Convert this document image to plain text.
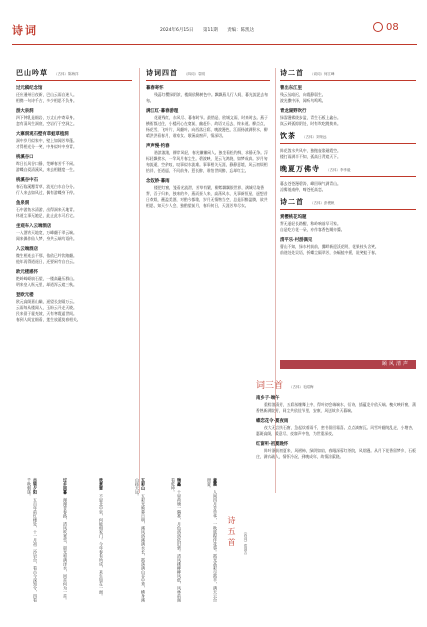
诗词	2024年6月15日 第11期 责编：陈凯达	08
巴山吟草 （古体）陈海洋
过元稹纪念馆
还应通州日夜新，巴山云雨自迷人。
相携一句诗千古，多少相思不负身。
游大泉洞
四下钟乳是细岩，万丈山中寄章身。
忽有清风生洞底，空岩行于空洞之。
大寨洞观石壁有草蛙草植洞
洞中岁月似家中，壁上如闻芳草蓬。
才得相光分一笑，中身似叶中身青。
桃溪谷口
昨日长风谷口静，芜蝉春芳千不闲。
游蝶自爱清溪风，来去相随度一生。
桃溪谷中石
春石临溪覆青草，流光白水自分分。
行人来去如风过，偶有游蝶身下停。
鱼泉洞
石中游鱼水清游，出得洞来天地青。
休道尘事无她足，此止此水可后宅。
坐观车入云端酒店
一入酒宵天地宽，万峰翻于翠云端。
闻来偶作仙人梦，身共云端鸟语传。
入云端酒店
微生相连去不那，依依已吟饮踏翻。
他年再得道遥日，还要闲寺自白云。
欧元楼感怀
绝岭崎岖崩石望，一楼高矗压群山。
明来皇入纵元里，却道浑云遮三秋。
登欧元楼
欧元高阁嘉山巅，遥望长安隔万云。
云雨每从楼闻入，玉盼云开走天晓。
民来留于霍充坡，天有寒霞逼世间。
春到人间宜细看，莲生放诞莫春相关。
诗词四首 （四词）袁明
暮春寄怀
残蕊红樱绿阴浓，楼阁依稀树色中。飘飘燕儿行人间，暮光流泥去匆匆。
满江红·暮春游理
花逝残红，东风尽、暮春时节。最惜是、欧城文雨，时来时去。燕子横衔都过住，小楼河心在寞前，幽赶仆、故语又远去，终未道。柳点点，杨花雪，飞叶片，风翻叶。向西落日彩，晚波漫色，江面扬波满积水，柳晴洪洪看春月，谁家女、歌薄高窗声，情深切。
声声慢·钓春
骆滨滚滚，柳岸风轻，春光懒懒闲人。独坐看松钓鲜，求静无争。浮标轻飘傍水，一竿风月春尘生。碧波映，见云飞鸿绕，如梦成真。岁月匆匆流逝，空余叹，叹事似水流难。事事相关无涯，静静意境，风云初烦相怡伴，任道逼，不问前身。惹长醉，谁怕世间醉，忘却红尘。
念奴娇·暮雨
楼把红窗，笼看光流泄，芳草有繁，柳絮飘飘银世界，满城尽染香霁，吾子归来，独来的多，燕而蚕人来，高荡风水，凡事新恒星，遥想昔日欢娱，蘸盈美酒，对酌今都歌，岁月无情物当空，总是旧醉盈腾，欲共相思，知天少人会，独酌望前月，春归何日，天涯芳草尽衣。
诗二首 （词词）何江峰
曹出东江里
残云丛暗迟，向霞静弱生。
波光撒中泽，闻听鸟鸣鸣。
青龙湖野吹行
绿溜漫雾绕步盈，青生石板上鑫台。
岚云碎孤掠阴处，时有吹吃跳换来。
饮茶 （古体）刘荣远
阵花敛水共风中，独抛壶浆碰霞空。
楼打雨满半不知，孤高日背遮天下。
晚夏万佛寺 （古体）李孝毅
暮去苍苍漫碧涛，峰回瑞气满青山。
凉雾低南仲，啼苍托高恋。
诗二首 （古体）彭俊帆
赏樱桃花坞题
霁无遥轻长路醒，称岭响前早可家。
自是吃方花一朵，亦作客香色爾亦朦。
清平乐·村游偶见
曹山不知，绿水村前前，翼畔新迎沃花明，花果枝头含笑。
前途处处吴语，折蝶尘隔翠芳，杂蝠蛙中摇，说笑蛙于春。
颐风清声
词三首 （古体）毛昭梅
南乡子·端午
重粽溶清芳，五彩丝缠舞上中，得叶初会端端水，衍诗，插蕴龙介依天端。槐火映轩窗，蒲香熟新满院芳，同尘共依佳节里，安康，风送故乡天暮端。
蝶恋花令·夏夜雨
夜大无言扶石窗，急起炊着雨千，密书留回霜喜。点点滴窗瓦。风雪叶翻纯乱走，小塘杏，惠斑高阁，爱意尽，夜寐声中怕，为世重深夜。
红窗听·初夏晚怀
阵叶浙前初夏来，风褶柿，绿阴如扇，春眼深蓉红茶院，风烟漫。从月下花香留梦乡，石板庄，满衣疏人，情怀冷况，到晚成年，故情涂萦绕。
诗五首 （四词）郑国吉
童霞　人间四月芳草华，一秋旅程伴花事。霞光高彩尽霞半，满天云台照夏。
瑞鑫　十里荷塘一隅香，月色溶溶依旧碧。清风拂柳柳风低，风林前阁看乾坤。
五彩山　五彩光映幕日明，溪风溶溪满水长，霞落满山谷中秀，横身溪山接天远。
欣赏雷　不思北中泉，何能相家门。今年春有所成，来生如在一面。
过乡回暮　漫漫青春路，清风吹寒雪，晨光和满泽水，回首何为一首。
古梁夕阳　五百年前红楼处，十一月初二沙岩台，看古今深知兮，四看千秋朝遂。
